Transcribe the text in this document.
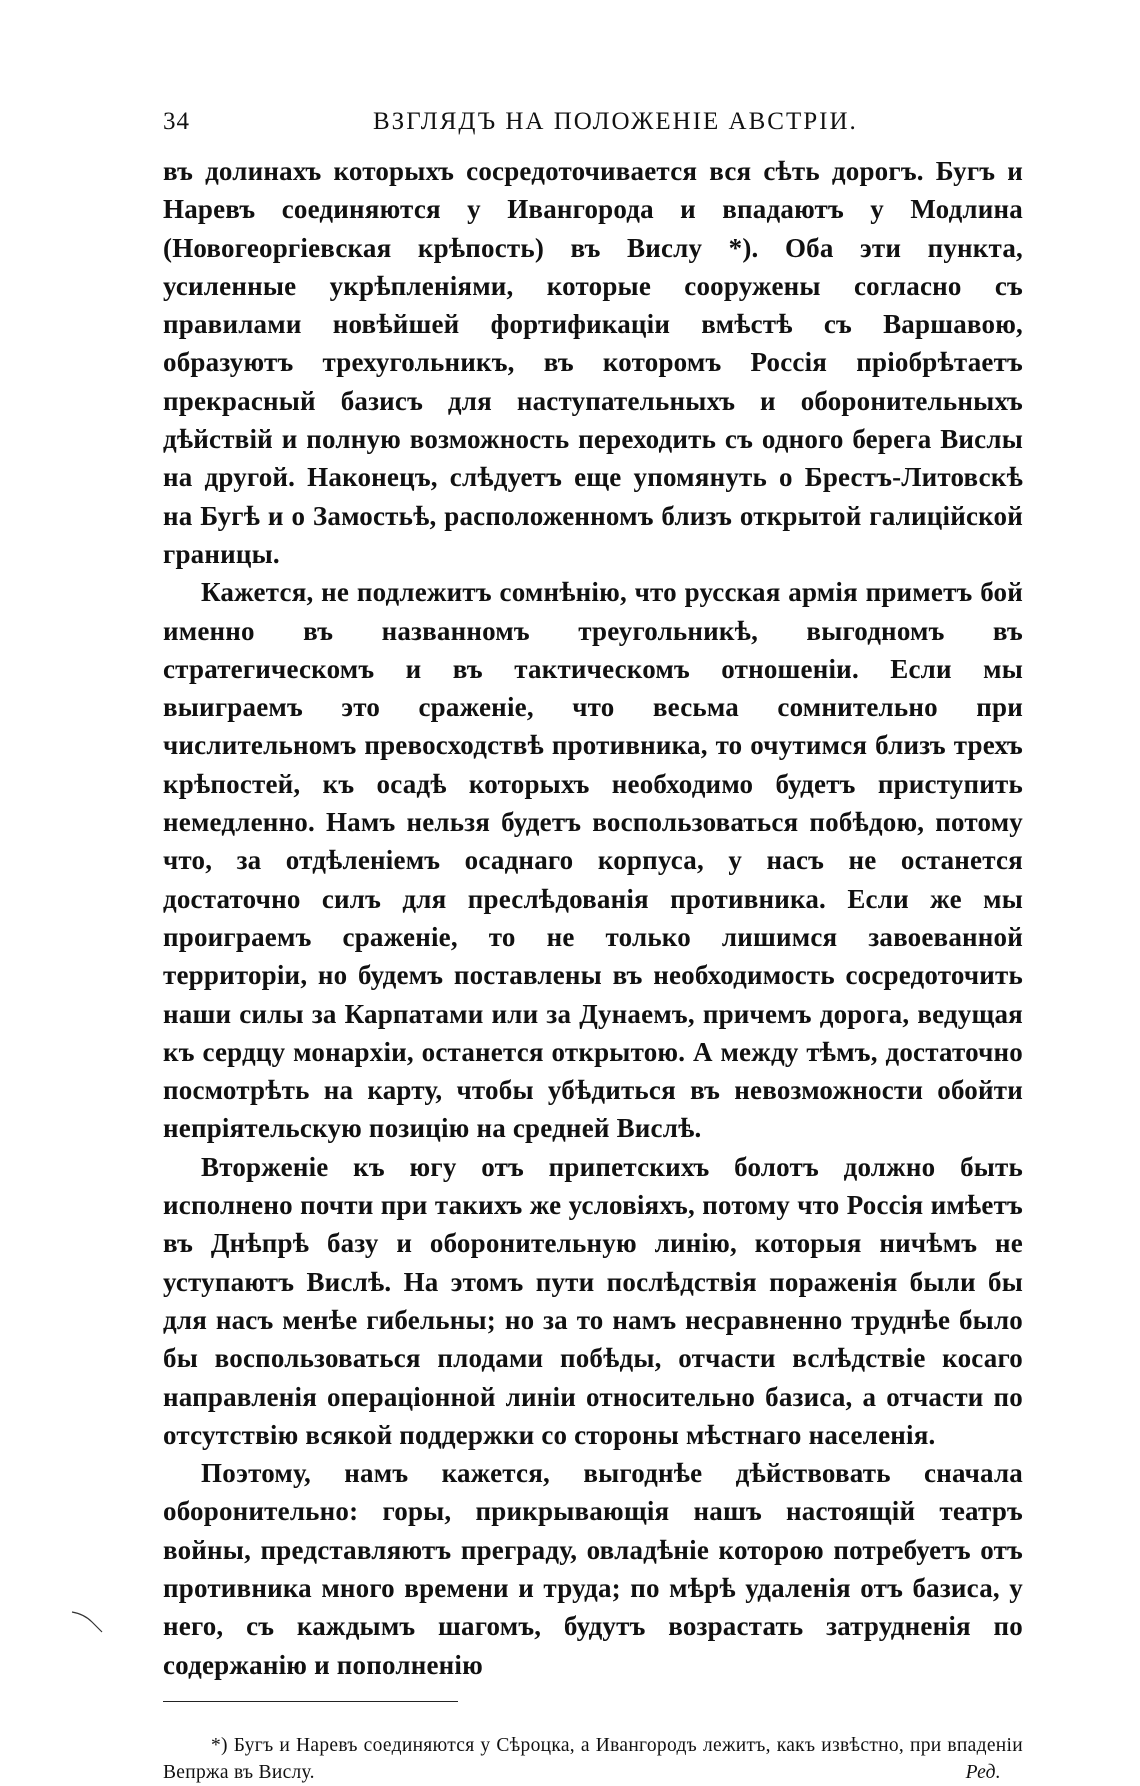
34	ВЗГЛЯДЪ НА ПОЛОЖЕНІЕ АВСТРІИ.

въ долинахъ которыхъ сосредоточивается вся сѣть дорогъ. Бугъ и Наревъ соединяются у Ивангорода и впадаютъ у Модлина (Новогеоргіевская крѣпость) въ Вислу *). Оба эти пункта, усиленные укрѣпленіями, которые сооружены согласно съ правилами новѣйшей фортификаціи вмѣстѣ съ Варшавою, образуютъ трехугольникъ, въ которомъ Россія пріобрѣтаетъ прекрасный базисъ для наступательныхъ и оборонительныхъ дѣйствій и полную возможность переходить съ одного берега Вислы на другой. Наконецъ, слѣдуетъ еще упомянуть о Брестъ-Литовскѣ на Бугѣ и о Замостьѣ, расположенномъ близъ открытой галиційской границы.

Кажется, не подлежитъ сомнѣнію, что русская армія приметъ бой именно въ названномъ треугольникѣ, выгодномъ въ стратегическомъ и въ тактическомъ отношеніи. Если мы выиграемъ это сраженіе, что весьма сомнительно при числительномъ превосходствѣ противника, то очутимся близъ трехъ крѣпостей, къ осадѣ которыхъ необходимо будетъ приступить немедленно. Намъ нельзя будетъ воспользоваться побѣдою, потому что, за отдѣленіемъ осаднаго корпуса, у насъ не останется достаточно силъ для преслѣдованія противника. Если же мы проиграемъ сраженіе, то не только лишимся завоеванной территоріи, но будемъ поставлены въ необходимость сосредоточить наши силы за Карпатами или за Дунаемъ, причемъ дорога, ведущая къ сердцу монархіи, останется открытою. А между тѣмъ, достаточно посмотрѣть на карту, чтобы убѣдиться въ невозможности обойти непріятельскую позицію на средней Вислѣ.

Вторженіе къ югу отъ припетскихъ болотъ должно быть исполнено почти при такихъ же условіяхъ, потому что Россія имѣетъ въ Днѣпрѣ базу и оборонительную линію, которыя ничѣмъ не уступаютъ Вислѣ. На этомъ пути послѣдствія пораженія были бы для насъ менѣе гибельны; но за то намъ несравненно труднѣе было бы воспользоваться плодами побѣды, отчасти вслѣдствіе косаго направленія операціонной линіи относительно базиса, а отчасти по отсутствію всякой поддержки со стороны мѣстнаго населенія.

Поэтому, намъ кажется, выгоднѣе дѣйствовать сначала оборонительно: горы, прикрывающія нашъ настоящій театръ войны, представляютъ преграду, овладѣніе которою потребуетъ отъ противника много времени и труда; по мѣрѣ удаленія отъ базиса, у него, съ каждымъ шагомъ, будутъ возрастать затрудненія по содержанію и пополненію

*) Бугъ и Наревъ соединяются у Сѣроцка, а Ивангородъ лежитъ, какъ извѣстно, при впаденіи Вепржа въ Вислу.	Ред.
